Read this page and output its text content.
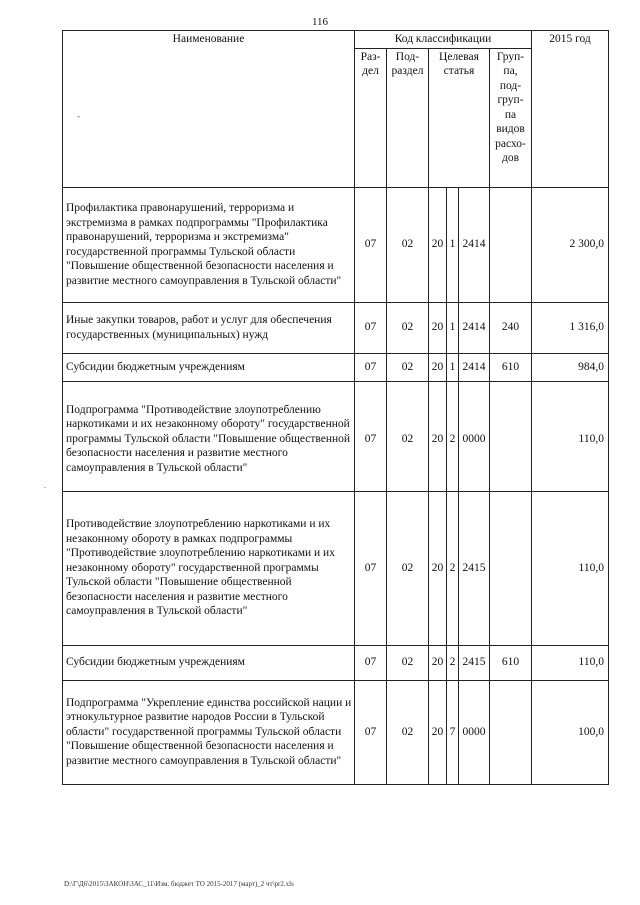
116
Наименование
-	Код классификации						2015 год
	Раз-дел	Под-раздел	Целевая статья			Груп-па, под-груп-па видов расхо-дов	
Профилактика правонарушений, терроризма и экстремизма в рамках подпрограммы "Профилактика правонарушений, терроризма и экстремизма" государственной программы Тульской области "Повышение общественной безопасности населения и развитие местного самоуправления в Тульской области"	07	02	20	1	2414		2 300,0
Иные закупки товаров, работ и услуг для обеспечения государственных (муниципальных) нужд	07	02	20	1	2414	240	1 316,0
Субсидии бюджетным учреждениям	07	02	20	1	2414	610	984,0

Подпрограмма "Противодействие злоупотреблению наркотиками и их незаконному обороту" государственной программы Тульской области "Повышение общественной безопасности населения и развитие местного самоуправления в Тульской области"	07	02	20	2	0000		110,0
Противодействие злоупотреблению наркотиками и их незаконному обороту в рамках подпрограммы "Противодействие злоупотреблению наркотиками и их незаконному обороту" государственной программы Тульской области "Повышение общественной безопасности населения и развитие местного самоуправления в Тульской области"	07	02	20	2	2415		110,0
Субсидии бюджетным учреждениям	07	02	20	2	2415	610	110,0
Подпрограмма "Укрепление единства российской нации и этнокультурное развитие народов России в Тульской области" государственной программы Тульской области "Повышение общественной безопасности населения и развитие местного самоуправления в Тульской области"	07	02	20	7	0000		100,0
D:\Г\Д6\2015\ЗАКОН\ЗАС_11\Изм. бюджет ТО 2015-2017 (март)_2 чт\pr2.xls
